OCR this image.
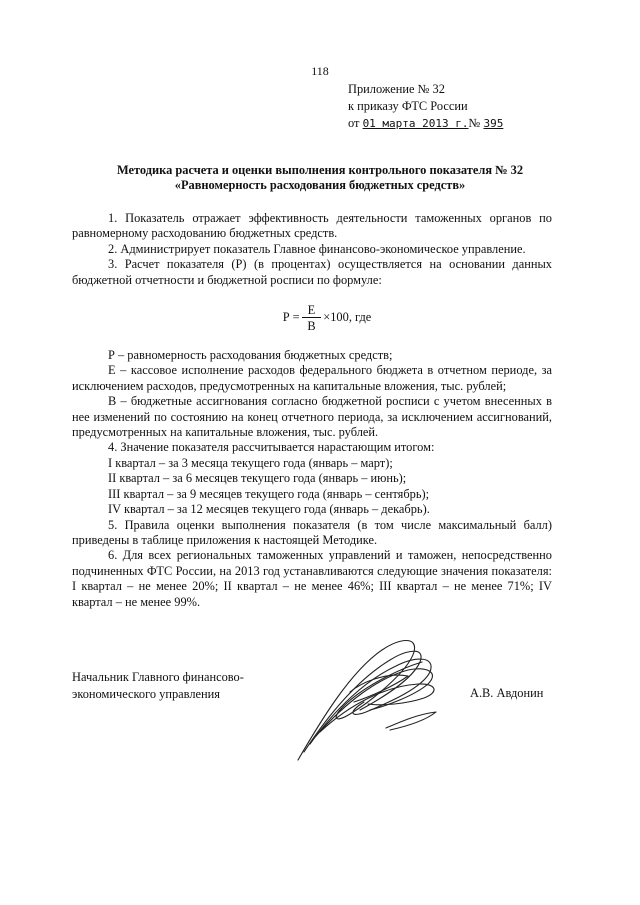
118
Приложение № 32
к приказу ФТС России
от 01 марта 2013 г.№ 395
Методика расчета и оценки выполнения контрольного показателя № 32
«Равномерность расходования бюджетных средств»

1. Показатель отражает эффективность деятельности таможенных органов по равномерному расходованию бюджетных средств.

2. Администрирует показатель Главное финансово-экономическое управление.

3. Расчет показателя (Р) (в процентах) осуществляется на основании данных бюджетной отчетности и бюджетной росписи по формуле:

$Р = \frac{Е}{В} \times 100$, где

Р – равномерность расходования бюджетных средств;

Е – кассовое исполнение расходов федерального бюджета в отчетном периоде, за исключением расходов, предусмотренных на капитальные вложения, тыс. рублей;

В – бюджетные ассигнования согласно бюджетной росписи с учетом внесенных в нее изменений по состоянию на конец отчетного периода, за исключением ассигнований, предусмотренных на капитальные вложения, тыс. рублей.

4. Значение показателя рассчитывается нарастающим итогом:

I квартал – за 3 месяца текущего года (январь – март);
II квартал – за 6 месяцев текущего года (январь – июнь);
III квартал – за 9 месяцев текущего года (январь – сентябрь);
IV квартал – за 12 месяцев текущего года (январь – декабрь).

5. Правила оценки выполнения показателя (в том числе максимальный балл) приведены в таблице приложения к настоящей Методике.

6. Для всех региональных таможенных управлений и таможен, непосредственно подчиненных ФТС России, на 2013 год устанавливаются следующие значения показателя: I квартал – не менее 20%; II квартал – не менее 46%; III квартал – не менее 71%; IV квартал – не менее 99%.

Начальник Главного финансово-
экономического управления	А.В. Авдонин
